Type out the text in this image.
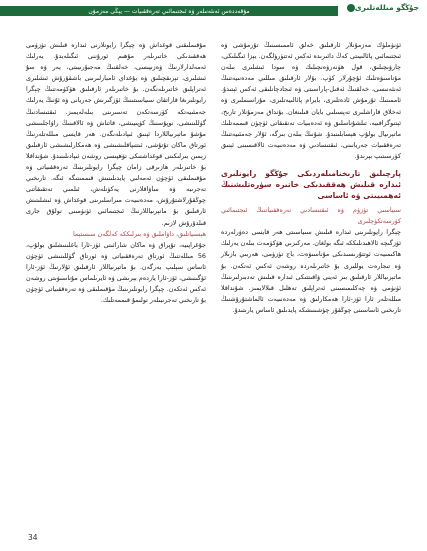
مۇقەددەس ئەنئەنىلەر ۋە ئىجتىمائىي تەرەققىيات — يېڭى مەزمۇن	جۇڭگو مىللەتلىرى

ئۈنۈملۈك مەزمۇنلار ئارقىلىق خەلق ئاممىسىنىڭ تۇرمۇشى ۋە ئىجتىمائىي پائالىيىتى كەڭ دائىرىدە ئەكس ئەتتۈرۈلگەن. يېزا ئىگىلىكى، چارۋىچىلىق، قول ھۈنەرۋەنچىلىك ۋە سودا ئىشلىرى بىلەن مۇناسىۋەتلىك ئۇچۇرلار كۆپ. بۇلار ئارقىلىق مىللىي مەدەنىيەتنىڭ ئەنئەنىسى، خەلقنىڭ ئەقىل-پاراسىتى ۋە ئىجادچانلىقى ئەكس ئېتىدۇ. ئاممىنىڭ تۇرمۇش ئادەتلىرى، بايرام پائالىيەتلىرى، مۇراسىملىرى ۋە ئەخلاق قاراشلىرى تەپسىلىي بايان قىلىنغان. بۇنداق مەزمۇنلار تارىخ، ئېتنوگرافىيە، تىلشۇناسلىق ۋە ئەدەبىيات تەتقىقاتى ئۈچۈن قىممەتلىك ماتېرىيال بولۇپ ھېسابلىنىدۇ. شۇنىڭ بىلەن بىرگە، ئۇلار جەمئىيەتنىڭ تەرەققىيات جەريانىنى، ئىقتىسادىي ۋە مەدەنىيەت ئالاقىسىنى ئېنىق كۆرسىتىپ بېرىدۇ.

پارچىلىق تارىخنامىلەردىكى جۇڭگو رايونلىرى ئىدارە قىلىش ھەققىدىكى خاتىرە سۈرەتلىشنىڭ ئەھمىيىتى ۋە ئاساسى

سىياسىي تۈزۈم ۋە ئىقتىسادىي تەرەققىياتنىڭ ئىجتىمائىي كۆرسەتكۈچلىرى

چېگرا رايونلىرىنى ئىدارە قىلىش سىياسىتى ھەر قايسى دەۋرلەردە ئۆزگىچە ئالاھىدىلىككە ئىگە بولغان. مەركىزىي ھۆكۈمەت بىلەن يەرلىك ھاكىمىيەت ئوتتۇرىسىدىكى مۇناسىۋەت، باج تۈزۈمى، ھەربىي بازىلار ۋە تىجارەت يوللىرى بۇ خاتىرىلەردە روشەن ئەكس ئەتكەن. بۇ ماتېرىياللار ئارقىلىق بىز ئەينى ۋاقىتتىكى ئىدارە قىلىش تەدبىرلىرىنىڭ ئۈنۈمى ۋە چەكلىمىسىنى ئەتراپلىق تەھلىل قىلالايمىز. شۇنداقلا مىللەتلەر ئارا ئۆز-ئارا ھەمكارلىق ۋە مەدەنىيەت ئالماشتۇرۇشنىڭ تارىخىي ئاساسىنى چوڭقۇر چۈشىنىشكە پايدىلىق ئاساس يارىتىدۇ.

مۇقىملىقنى قوغداش ۋە چېگرا رايونلارنى ئىدارە قىلىش تۈزۈمى ھەققىدىكى خاتىرىلەر مۇھىم ئورۇننى ئىگىلەيدۇ. يەرلىك ئەمەلدارلارنىڭ ۋەزىپىسى، خەلقنىڭ مەجبۇرىيىتى، يەر ۋە سۇ ئىشلىرى، تېرىقچىلىق ۋە بۇغداي ئامبارلىرىنى باشقۇرۇش ئىشلىرى ئەتراپلىق خاتىرىلەنگەن. بۇ خاتىرىلەر ئارقىلىق ھۆكۈمەتنىڭ چېگرا رايونلىرىغا قاراتقان سىياسىتىنىڭ ئۆزگىرىش جەريانى ۋە ئۇنىڭ يەرلىك جەمئىيەتكە كۆرسەتكەن تەسىرىنى بىلەلەيمىز. ئىقتىسادنىڭ گۈللىنىشى، نوپۇسنىڭ كۆپىيىشى، قاتناش ۋە ئالاقىنىڭ راۋاجلىنىشى مۇشۇ ماتېرىياللاردا ئېنىق ئىپادىلەنگەن. ھەر قايسى مىللەتلەرنىڭ ئورتاق ماكان تۇتۇشى، ئىتتىپاقلىشىشى ۋە ھەمكارلىشىشى ئارقىلىق زېمىن بىرلىكىنى قوغداشتىكى تۆھپىسى روشەن ئىپادىلىنىدۇ. شۇنداقلا بۇ خاتىرىلەر ھازىرقى زامان چېگرا رايونلىرىنىڭ تەرەققىياتى ۋە مۇقىملىقى ئۈچۈن ئەمەلىي پايدىلىنىش قىممىتىگە ئىگە. تارىخىي تەجرىبە ۋە ساۋاقلارنى يەكۈنلەش، ئىلمىي تەتقىقاتنى چوڭقۇرلاشتۇرۇش، مەدەنىيەت مىراسلىرىنى قوغداش ۋە ئىشلىتىش ئارقىلىق بۇ ماتېرىياللارنىڭ ئىجتىمائىي ئۈنۈمىنى تولۇق جارى قىلدۇرۇش لازىم.

ھېسىياتلىق، داۋاملىق ۋە بىرلىككە كەلگەن سىستېما

جۇغراپىيە، تۇپراق ۋە ماكان شارائىتى ئۆز-ئارا باغلىنىشلىق بولۇپ، 56 مىللەتنىڭ ئورتاق تەرەققىياتى ۋە ئورتاق گۈللىنىشى ئۈچۈن ئاساس سېلىپ بەرگەن. بۇ ماتېرىياللار ئارقىلىق ئۇلارنىڭ ئۆز-ئارا ئۆگىنىشى، ئۆز-ئارا ياردەم بېرىشى ۋە ئايرىلماس مۇناسىۋىتى روشەن ئەكس ئەتكەن. چېگرا رايونلىرىنىڭ مۇقىملىقى ۋە تەرەققىياتى ئۈچۈن بۇ تارىخىي تەجرىبىلەر تولىمۇ قىممەتلىك.

34
